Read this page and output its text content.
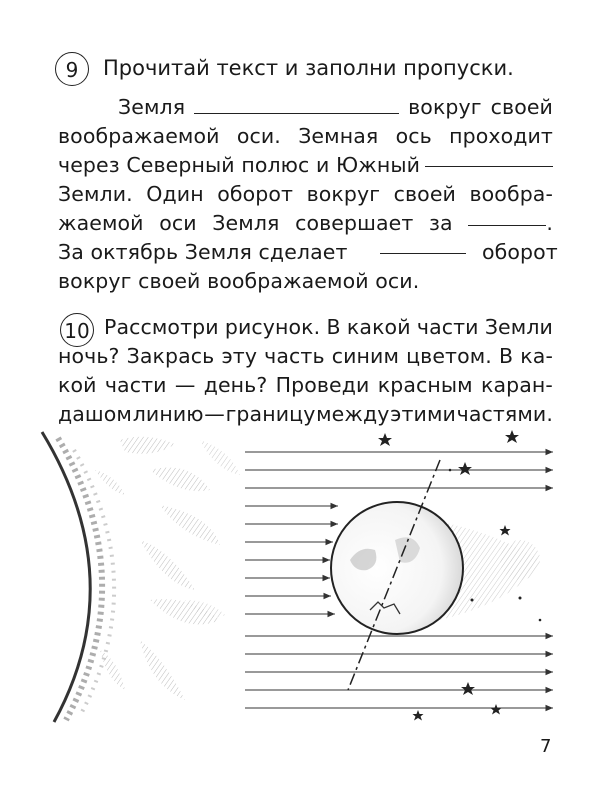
9	Прочитай текст и заполни пропуски.
Земля	вокруг своей
воображаемой оси. Земная ось проходит
через Северный полюс и Южный
Земли. Один оборот вокруг своей вообра-
жаемой оси Земля совершает за	.
За октябрь Земля сделает	оборот
вокруг своей воображаемой оси.
10 Рассмотри рисунок. В какой части Земли
ночь? Закрась эту часть синим цветом. В ка-
кой части — день? Проведи красным каран-
дашом линию — границу между этими частями.
7
